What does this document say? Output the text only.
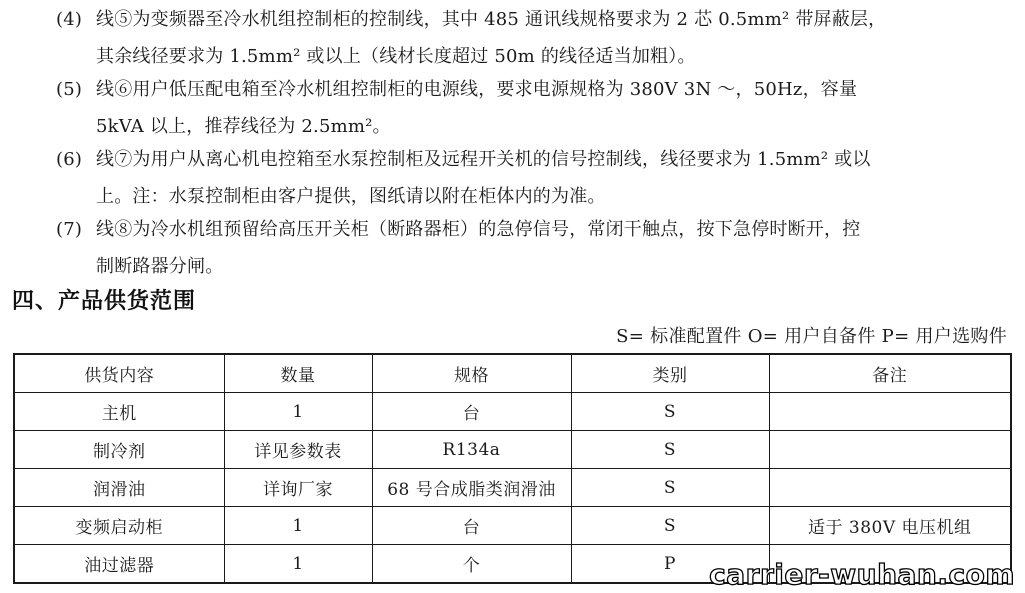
(4) 线⑤为变频器至冷水机组控制柜的控制线，其中 485 通讯线规格要求为 2 芯 0.5mm² 带屏蔽层，
其余线径要求为 1.5mm² 或以上（线材长度超过 50m 的线径适当加粗）。
(5) 线⑥用户低压配电箱至冷水机组控制柜的电源线，要求电源规格为 380V 3N ～，50Hz，容量
5kVA 以上，推荐线径为 2.5mm²。
(6) 线⑦为用户从离心机电控箱至水泵控制柜及远程开关机的信号控制线，线径要求为 1.5mm² 或以
上。注：水泵控制柜由客户提供，图纸请以附在柜体内的为准。
(7) 线⑧为冷水机组预留给高压开关柜（断路器柜）的急停信号，常闭干触点，按下急停时断开，控
制断路器分闸。
四、产品供货范围
S= 标准配置件 O= 用户自备件 P= 用户选购件
供货内容	数量	规格	类别	备注
主机	1	台	S	
制冷剂	详见参数表	R134a	S	
润滑油	详询厂家	68 号合成脂类润滑油	S	
变频启动柜	1	台	S	适于 380V 电压机组
油过滤器	1	个	P	carrier-wuhan.com
